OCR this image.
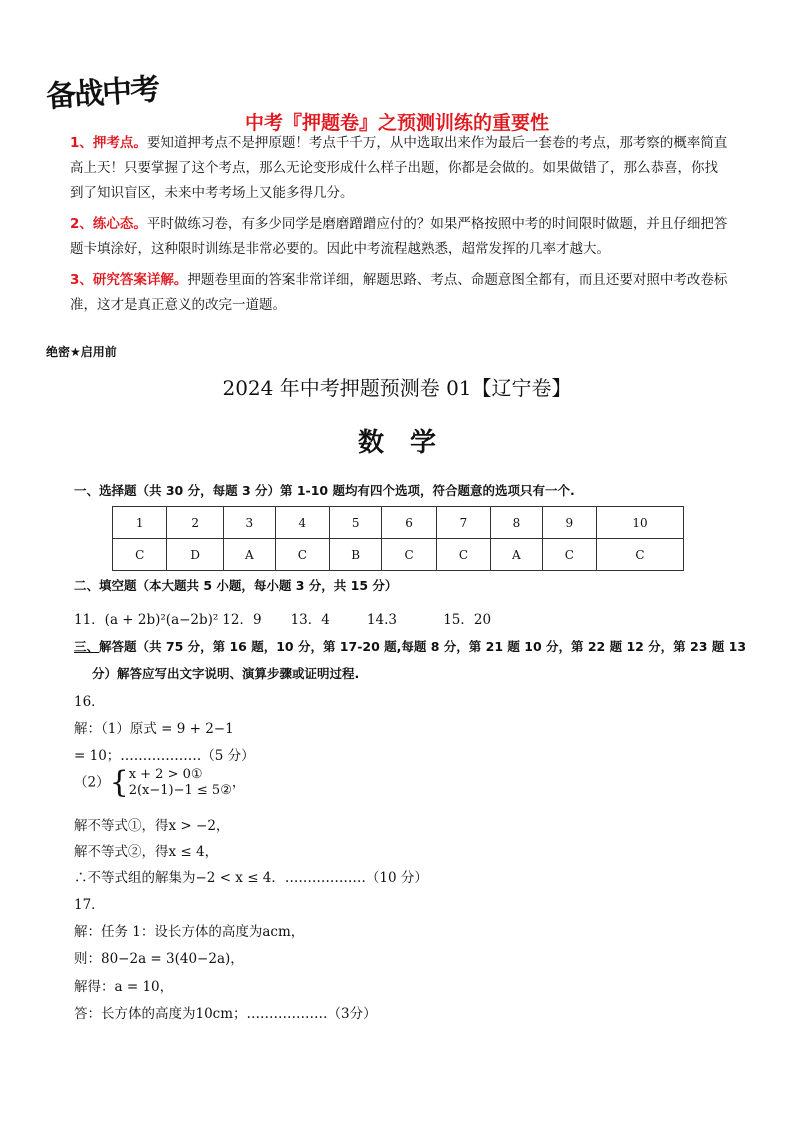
备战中考
中考『押题卷』之预测训练的重要性
1、押考点。要知道押考点不是押原题！考点千千万，从中选取出来作为最后一套卷的考点，那考察的概率简直高上天！只要掌握了这个考点，那么无论变形成什么样子出题，你都是会做的。如果做错了，那么恭喜，你找到了知识盲区，未来中考考场上又能多得几分。
2、练心态。平时做练习卷，有多少同学是磨磨蹭蹭应付的？如果严格按照中考的时间限时做题，并且仔细把答题卡填涂好，这种限时训练是非常必要的。因此中考流程越熟悉，超常发挥的几率才越大。
3、研究答案详解。押题卷里面的答案非常详细，解题思路、考点、命题意图全都有，而且还要对照中考改卷标准，这才是真正意义的改完一道题。
绝密★启用前
2024 年中考押题预测卷 01【辽宁卷】
数学
一、选择题（共 30 分，每题 3 分）第 1-10 题均有四个选项，符合题意的选项只有一个.
1	2	3	4	5	6	7	8	9	10
C	D	A	C	B	C	C	A	C	C
二、填空题（本大题共 5 小题，每小题 3 分，共 15 分）
11．(a + 2b)²(a−2b)² 12．9 13．4	14.3	15．20
三、解答题（共 75 分，第 16 题，10 分，第 17-20 题,每题 8 分，第 21 题 10 分，第 22 题 12 分，第 23 题 13
分）解答应写出文字说明、演算步骤或证明过程.
16．
解：（1）原式 = 9 + 2−1
= 10；………………（5 分）
（2）{x + 2 > 0①
2(x−1)−1 ≤ 5②，
解不等式①，得x > −2，
解不等式②，得x ≤ 4，
∴不等式组的解集为−2 < x ≤ 4．………………（10 分）
17．
解：任务 1：设长方体的高度为acm，
则：80−2a = 3(40−2a)，
解得：a = 10，
答：长方体的高度为10cm；………………（3分）
